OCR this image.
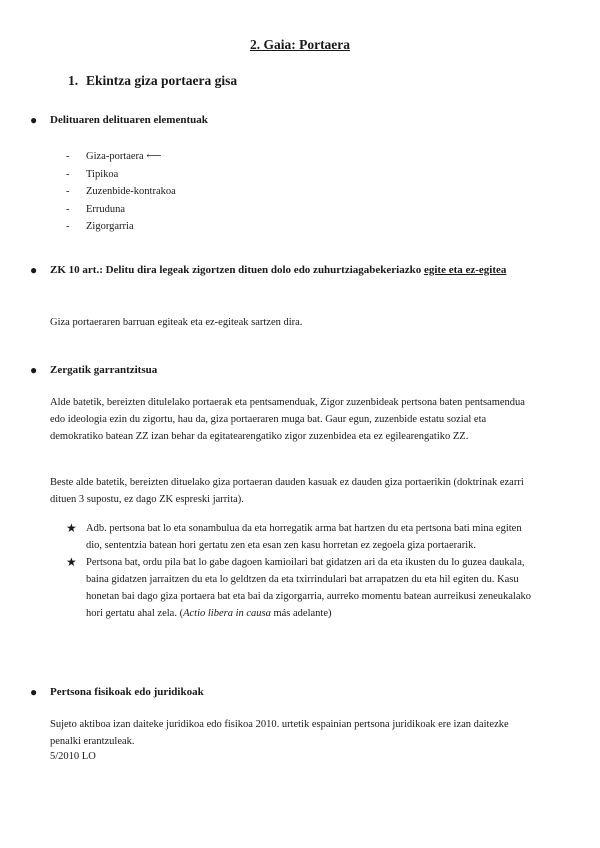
2. Gaia: Portaera
1. Ekintza giza portaera gisa
●	Delituaren delituaren elementuak
- Giza-portaera ⟵
- Tipikoa
- Zuzenbide-kontrakoa
- Erruduna
- Zigorgarria
●	ZK 10 art.: Delitu dira legeak zigortzen dituen dolo edo zuhurtziagabekeriazko egite eta ez-egitea
Giza portaeraren barruan egiteak eta ez-egiteak sartzen dira.
●	Zergatik garrantzitsua
Alde batetik, bereizten ditulelako portaerak eta pentsamenduak, Zigor zuzenbideak pertsona baten pentsamendua edo ideologia ezin du zigortu, hau da, giza portaeraren muga bat. Gaur egun, zuzenbide estatu sozial eta demokratiko batean ZZ izan behar da egitatearengatiko zigor zuzenbidea eta ez egilearengatiko ZZ.
Beste alde batetik, bereizten dituelako giza portaeran dauden kasuak ez dauden giza portaerikin (doktrinak ezarri dituen 3 supostu, ez dago ZK espreski jarrita).
★ Adb. pertsona bat lo eta sonambulua da eta horregatik arma bat hartzen du eta pertsona bati mina egiten dio, sententzia batean hori gertatu zen eta esan zen kasu horretan ez zegoela giza portaerarik.
★ Pertsona bat, ordu pila bat lo gabe dagoen kamioilari bat gidatzen ari da eta ikusten du lo guzea daukala, baina gidatzen jarraitzen du eta lo geldtzen da eta txirrindulari bat arrapatzen du eta hil egiten du. Kasu honetan bai dago giza portaera bat eta bai da zigorgarria, aurreko momentu batean aurreikusi zeneukalako hori gertatu ahal zela. (Actio libera in causa más adelante)
●	Pertsona fisikoak edo juridikoak
Sujeto aktiboa izan daiteke juridikoa edo fisikoa 2010. urtetik espainian pertsona juridikoak ere izan daitezke penalki erantzuleak.
5/2010 LO
